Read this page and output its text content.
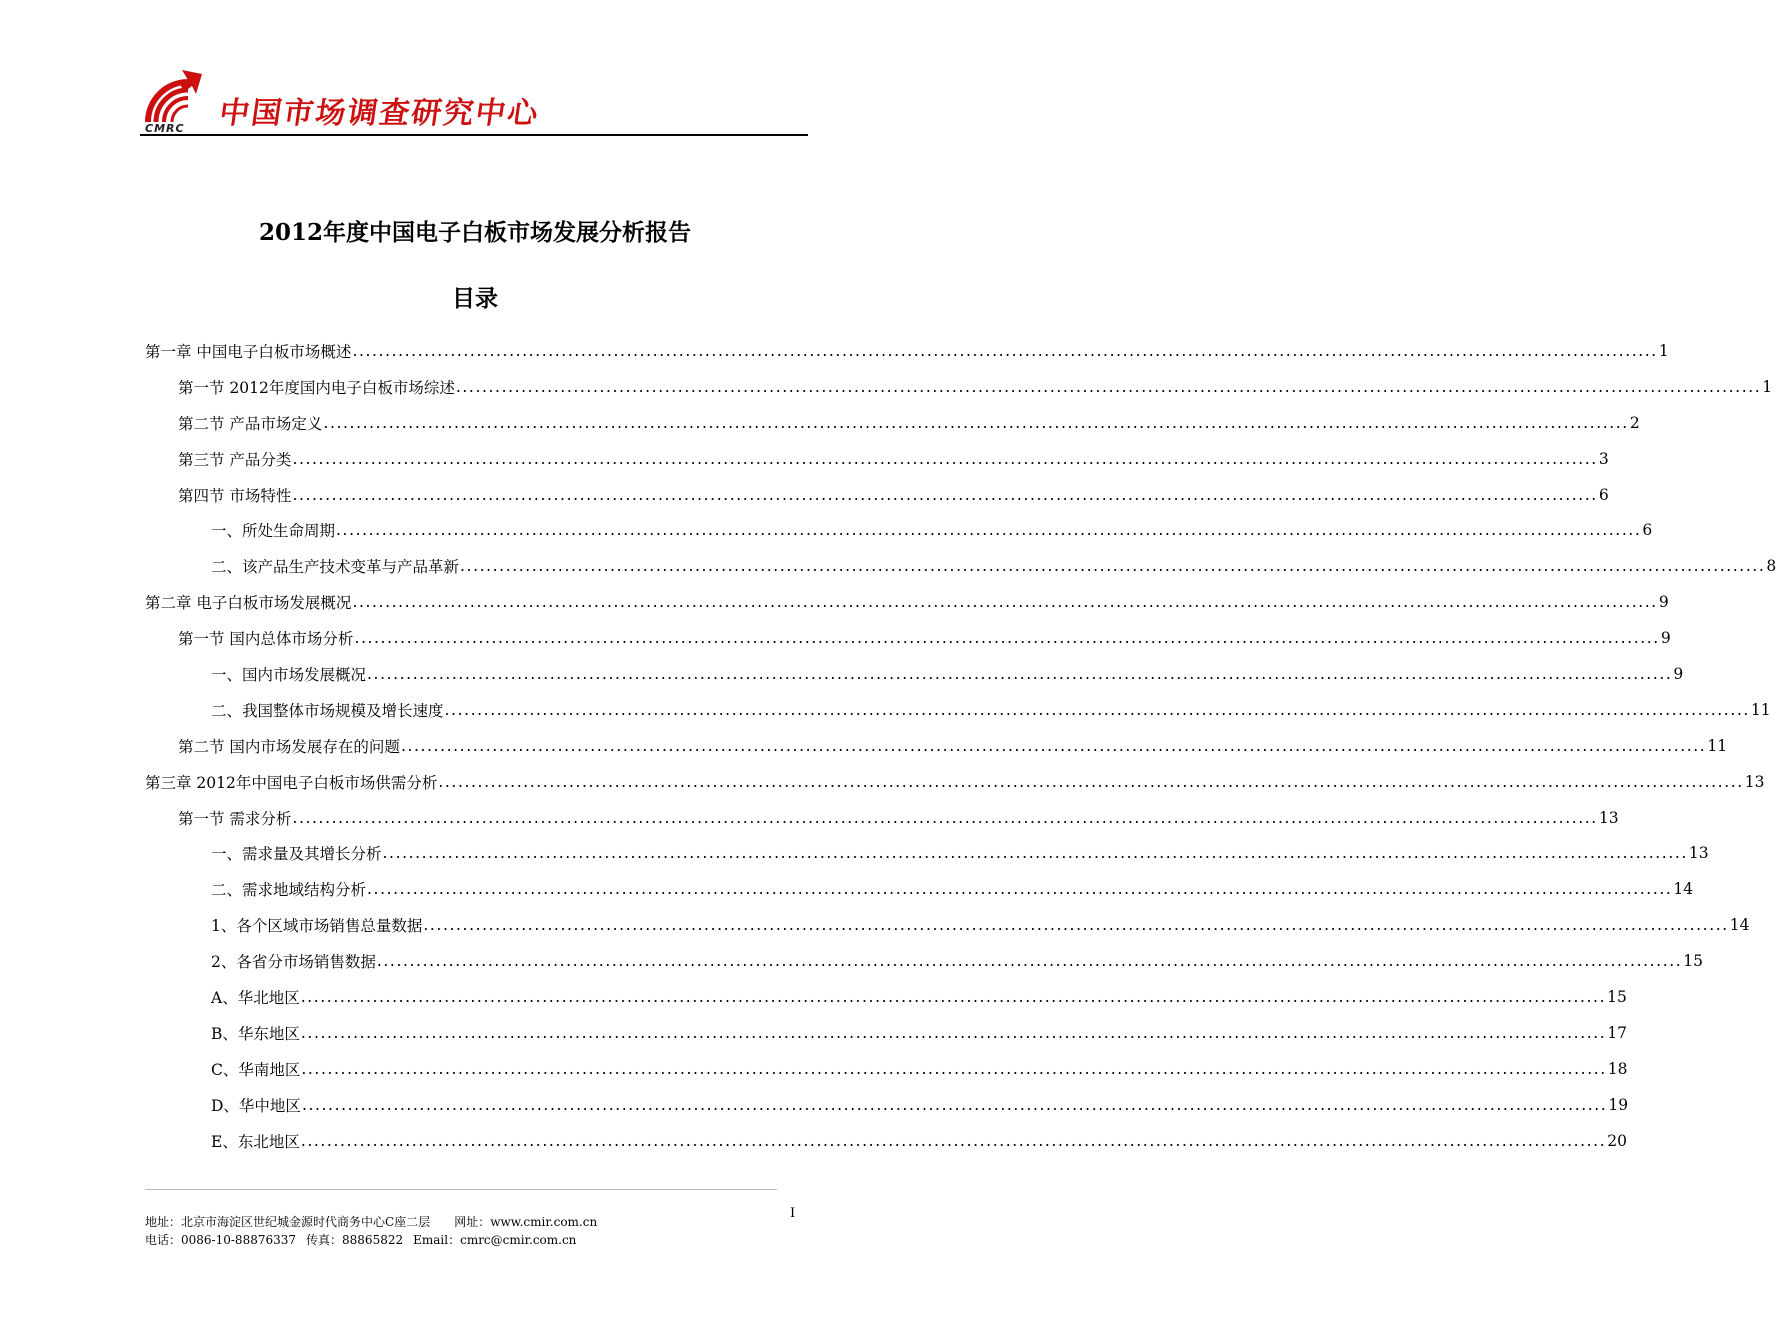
CMRC 中国市场调查研究中心
2012年度中国电子白板市场发展分析报告
目录
第一章 中国电子白板市场概述 ........................................................................................................................................................................................................ 1
第一节 2012年度国内电子白板市场综述 ........................................................................................................................................................................................................ 1
第二节 产品市场定义 ........................................................................................................................................................................................................ 2
第三节 产品分类 ........................................................................................................................................................................................................ 3
第四节 市场特性 ........................................................................................................................................................................................................ 6
一、所处生命周期 ........................................................................................................................................................................................................ 6
二、该产品生产技术变革与产品革新 ........................................................................................................................................................................................................ 8
第二章 电子白板市场发展概况 ........................................................................................................................................................................................................ 9
第一节 国内总体市场分析 ........................................................................................................................................................................................................ 9
一、国内市场发展概况 ........................................................................................................................................................................................................ 9
二、我国整体市场规模及增长速度 ........................................................................................................................................................................................................ 11
第二节 国内市场发展存在的问题 ........................................................................................................................................................................................................ 11
第三章 2012年中国电子白板市场供需分析 ........................................................................................................................................................................................................ 13
第一节 需求分析 ........................................................................................................................................................................................................ 13
一、需求量及其增长分析 ........................................................................................................................................................................................................ 13
二、需求地域结构分析 ........................................................................................................................................................................................................ 14
1、各个区域市场销售总量数据 ........................................................................................................................................................................................................ 14
2、各省分市场销售数据 ........................................................................................................................................................................................................ 15
A、华北地区 ........................................................................................................................................................................................................ 15
B、华东地区 ........................................................................................................................................................................................................ 17
C、华南地区 ........................................................................................................................................................................................................ 18
D、华中地区 ........................................................................................................................................................................................................ 19
E、东北地区 ........................................................................................................................................................................................................ 20
I
地址：北京市海淀区世纪城金源时代商务中心C座二层 网址：www.cmir.com.cn
电话：0086-10-88876337 传真：88865822 Email：cmrc@cmir.com.cn
